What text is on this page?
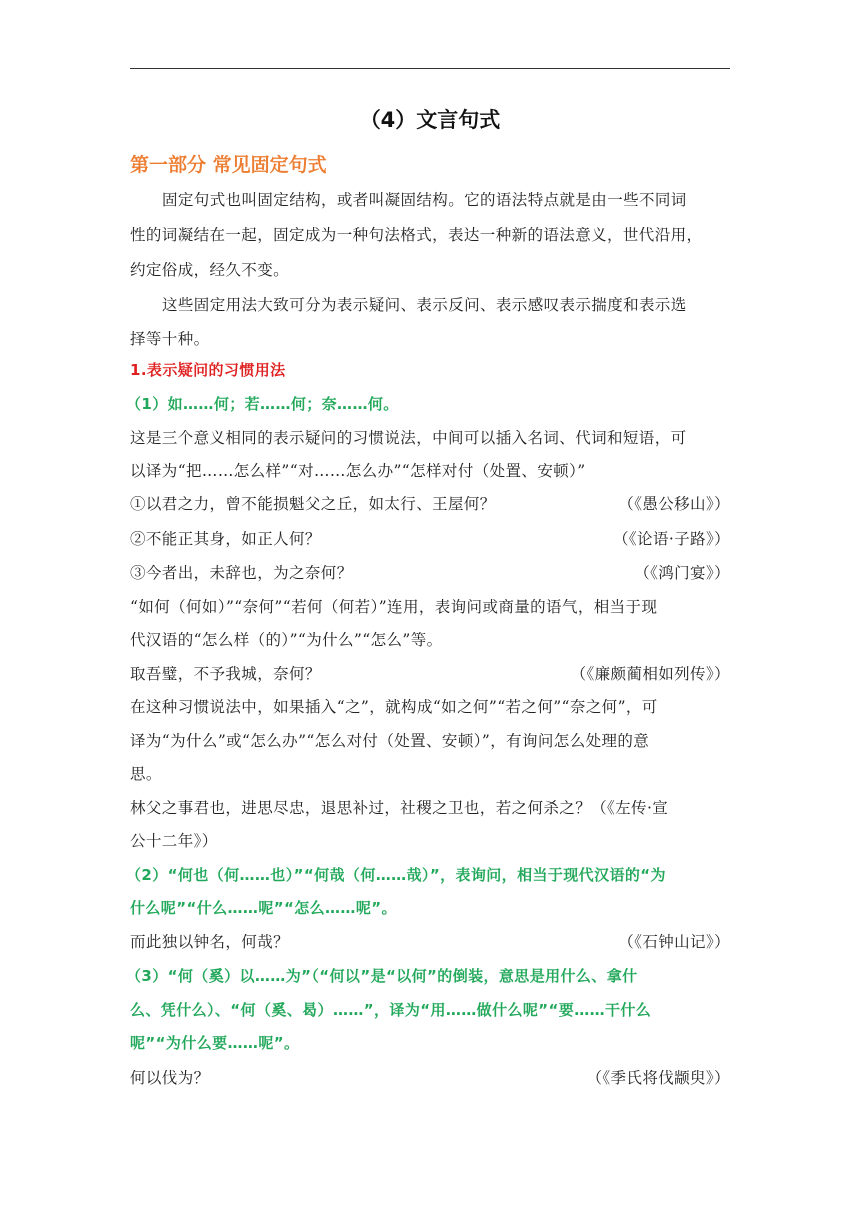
（4）文言句式
第一部分 常见固定句式
固定句式也叫固定结构，或者叫凝固结构。它的语法特点就是由一些不同词
性的词凝结在一起，固定成为一种句法格式，表达一种新的语法意义，世代沿用，
约定俗成，经久不变。
这些固定用法大致可分为表示疑问、表示反问、表示感叹表示揣度和表示选
择等十种。
1.表示疑问的习惯用法
（1）如……何；若……何；奈……何。
这是三个意义相同的表示疑问的习惯说法，中间可以插入名词、代词和短语，可
以译为“把……怎么样”“对……怎么办”“怎样对付（处置、安顿）”
①以君之力，曾不能损魁父之丘，如太行、王屋何？	（《愚公移山》）
②不能正其身，如正人何？	（《论语·子路》）
③今者出，未辞也，为之奈何？	（《鸿门宴》）
“如何（何如）”“奈何”“若何（何若）”连用，表询问或商量的语气，相当于现
代汉语的“怎么样（的）”“为什么”“怎么”等。
取吾璧，不予我城，奈何？	（《廉颇蔺相如列传》）
在这种习惯说法中，如果插入“之”，就构成“如之何”“若之何”“奈之何”，可
译为“为什么”或“怎么办”“怎么对付（处置、安顿）”，有询问怎么处理的意
思。
林父之事君也，进思尽忠，退思补过，社稷之卫也，若之何杀之？（《左传·宣
公十二年》）
（2）“何也（何……也）”“何哉（何……哉）”，表询问，相当于现代汉语的“为
什么呢”“什么……呢”“怎么……呢”。
而此独以钟名，何哉？	（《石钟山记》）
（3）“何（奚）以……为”（“何以”是“以何”的倒装，意思是用什么、拿什
么、凭什么）、“何（奚、曷）……”，译为“用……做什么呢”“要……干什么
呢”“为什么要……呢”。
何以伐为？	（《季氏将伐颛臾》）
